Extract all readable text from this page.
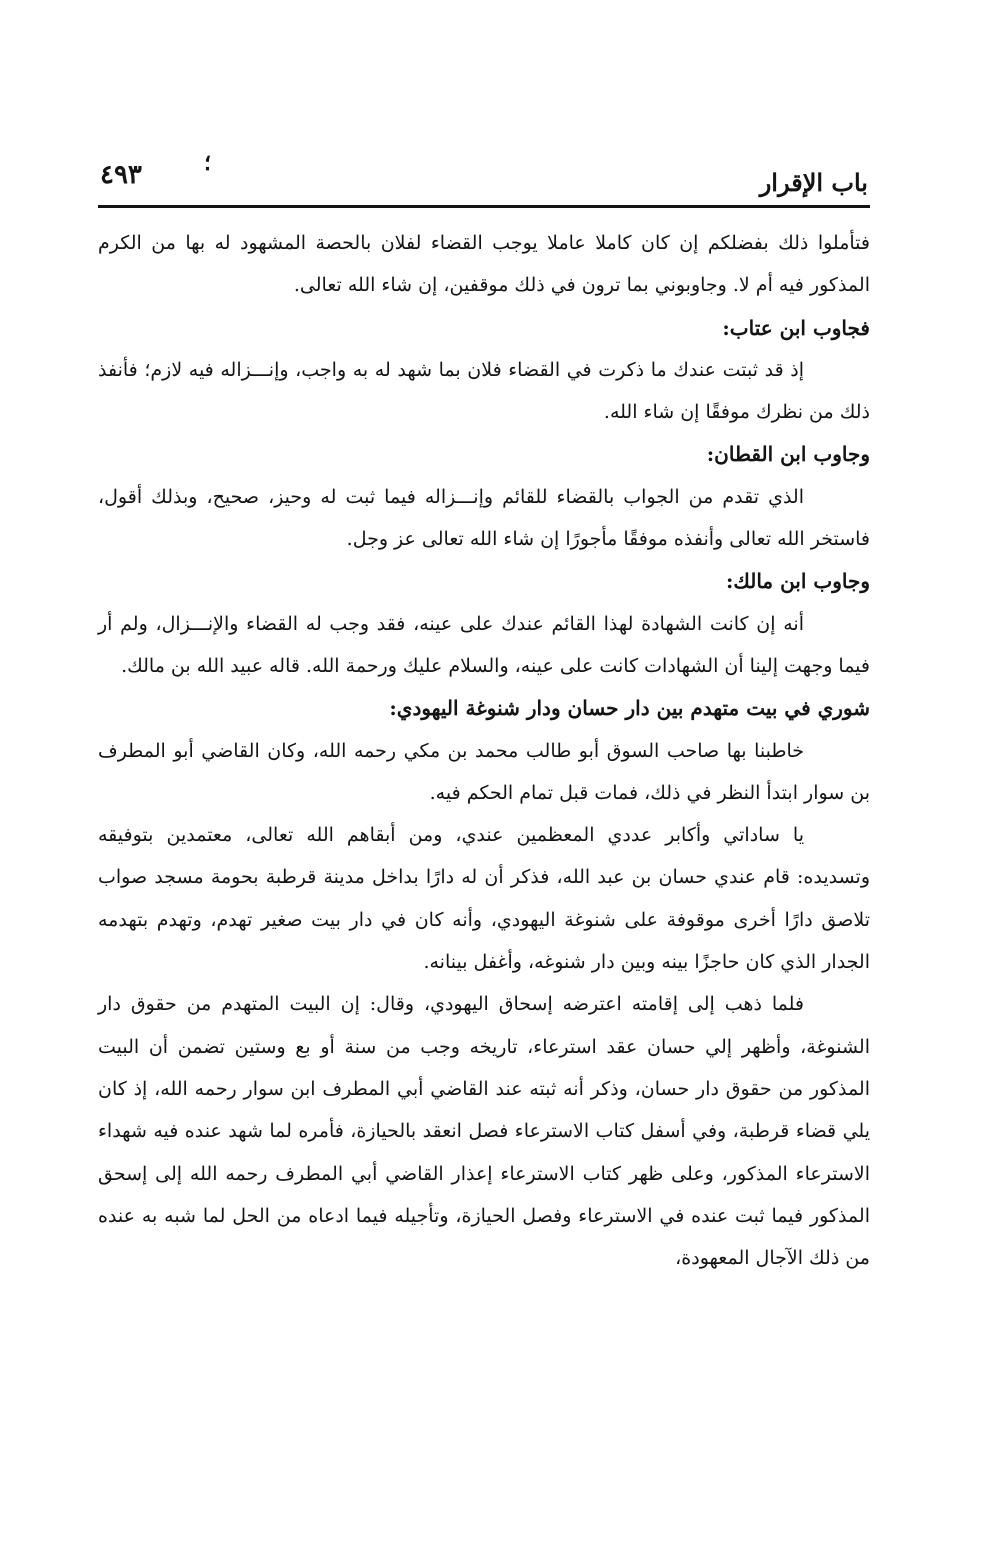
باب الإقرار
؛
٤٩٣

فتأملوا ذلك بفضلكم إن كان كاملا عاملا يوجب القضاء لفلان بالحصة المشهود له بها من الكرم المذكور فيه أم لا. وجاوبوني بما ترون في ذلك موقفين، إن شاء الله تعالى.

فجاوب ابن عتاب:

إذ قد ثبتت عندك ما ذكرت في القضاء فلان بما شهد له به واجب، وإنـــزاله فيه لازم؛ فأنفذ ذلك من نظرك موفقًا إن شاء الله.

وجاوب ابن القطان:

الذي تقدم من الجواب بالقضاء للقائم وإنـــزاله فيما ثبت له وحيز، صحيح، وبذلك أقول، فاستخر الله تعالى وأنفذه موفقًا مأجورًا إن شاء الله تعالى عز وجل.

وجاوب ابن مالك:

أنه إن كانت الشهادة لهذا القائم عندك على عينه، فقد وجب له القضاء والإنـــزال، ولم أر فيما وجهت إلينا أن الشهادات كانت على عينه، والسلام عليك ورحمة الله. قاله عبيد الله بن مالك.

شوري في بيت متهدم بين دار حسان ودار شنوغة اليهودي:

خاطبنا بها صاحب السوق أبو طالب محمد بن مكي رحمه الله، وكان القاضي أبو المطرف بن سوار ابتدأ النظر في ذلك، فمات قبل تمام الحكم فيه.

يا ساداتي وأكابر عددي المعظمين عندي، ومن أبقاهم الله تعالى، معتمدين بتوفيقه وتسديده: قام عندي حسان بن عبد الله، فذكر أن له دارًا بداخل مدينة قرطبة بحومة مسجد صواب تلاصق دارًا أخرى موقوفة على شنوغة اليهودي، وأنه كان في دار بيت صغير تهدم، وتهدم بتهدمه الجدار الذي كان حاجزًا بينه وبين دار شنوغه، وأغفل بينانه.

فلما ذهب إلى إقامته اعترضه إسحاق اليهودي، وقال: إن البيت المتهدم من حقوق دار الشنوغة، وأظهر إلي حسان عقد استرعاء، تاريخه وجب من سنة أو بع وستين تضمن أن البيت المذكور من حقوق دار حسان، وذكر أنه ثبته عند القاضي أبي المطرف ابن سوار رحمه الله، إذ كان يلي قضاء قرطبة، وفي أسفل كتاب الاسترعاء فصل انعقد بالحيازة، فأمره لما شهد عنده فيه شهداء الاسترعاء المذكور، وعلى ظهر كتاب الاسترعاء إعذار القاضي أبي المطرف رحمه الله إلى إسحق المذكور فيما ثبت عنده في الاسترعاء وفصل الحيازة، وتأجيله فيما ادعاه من الحل لما شبه به عنده من ذلك الآجال المعهودة،
